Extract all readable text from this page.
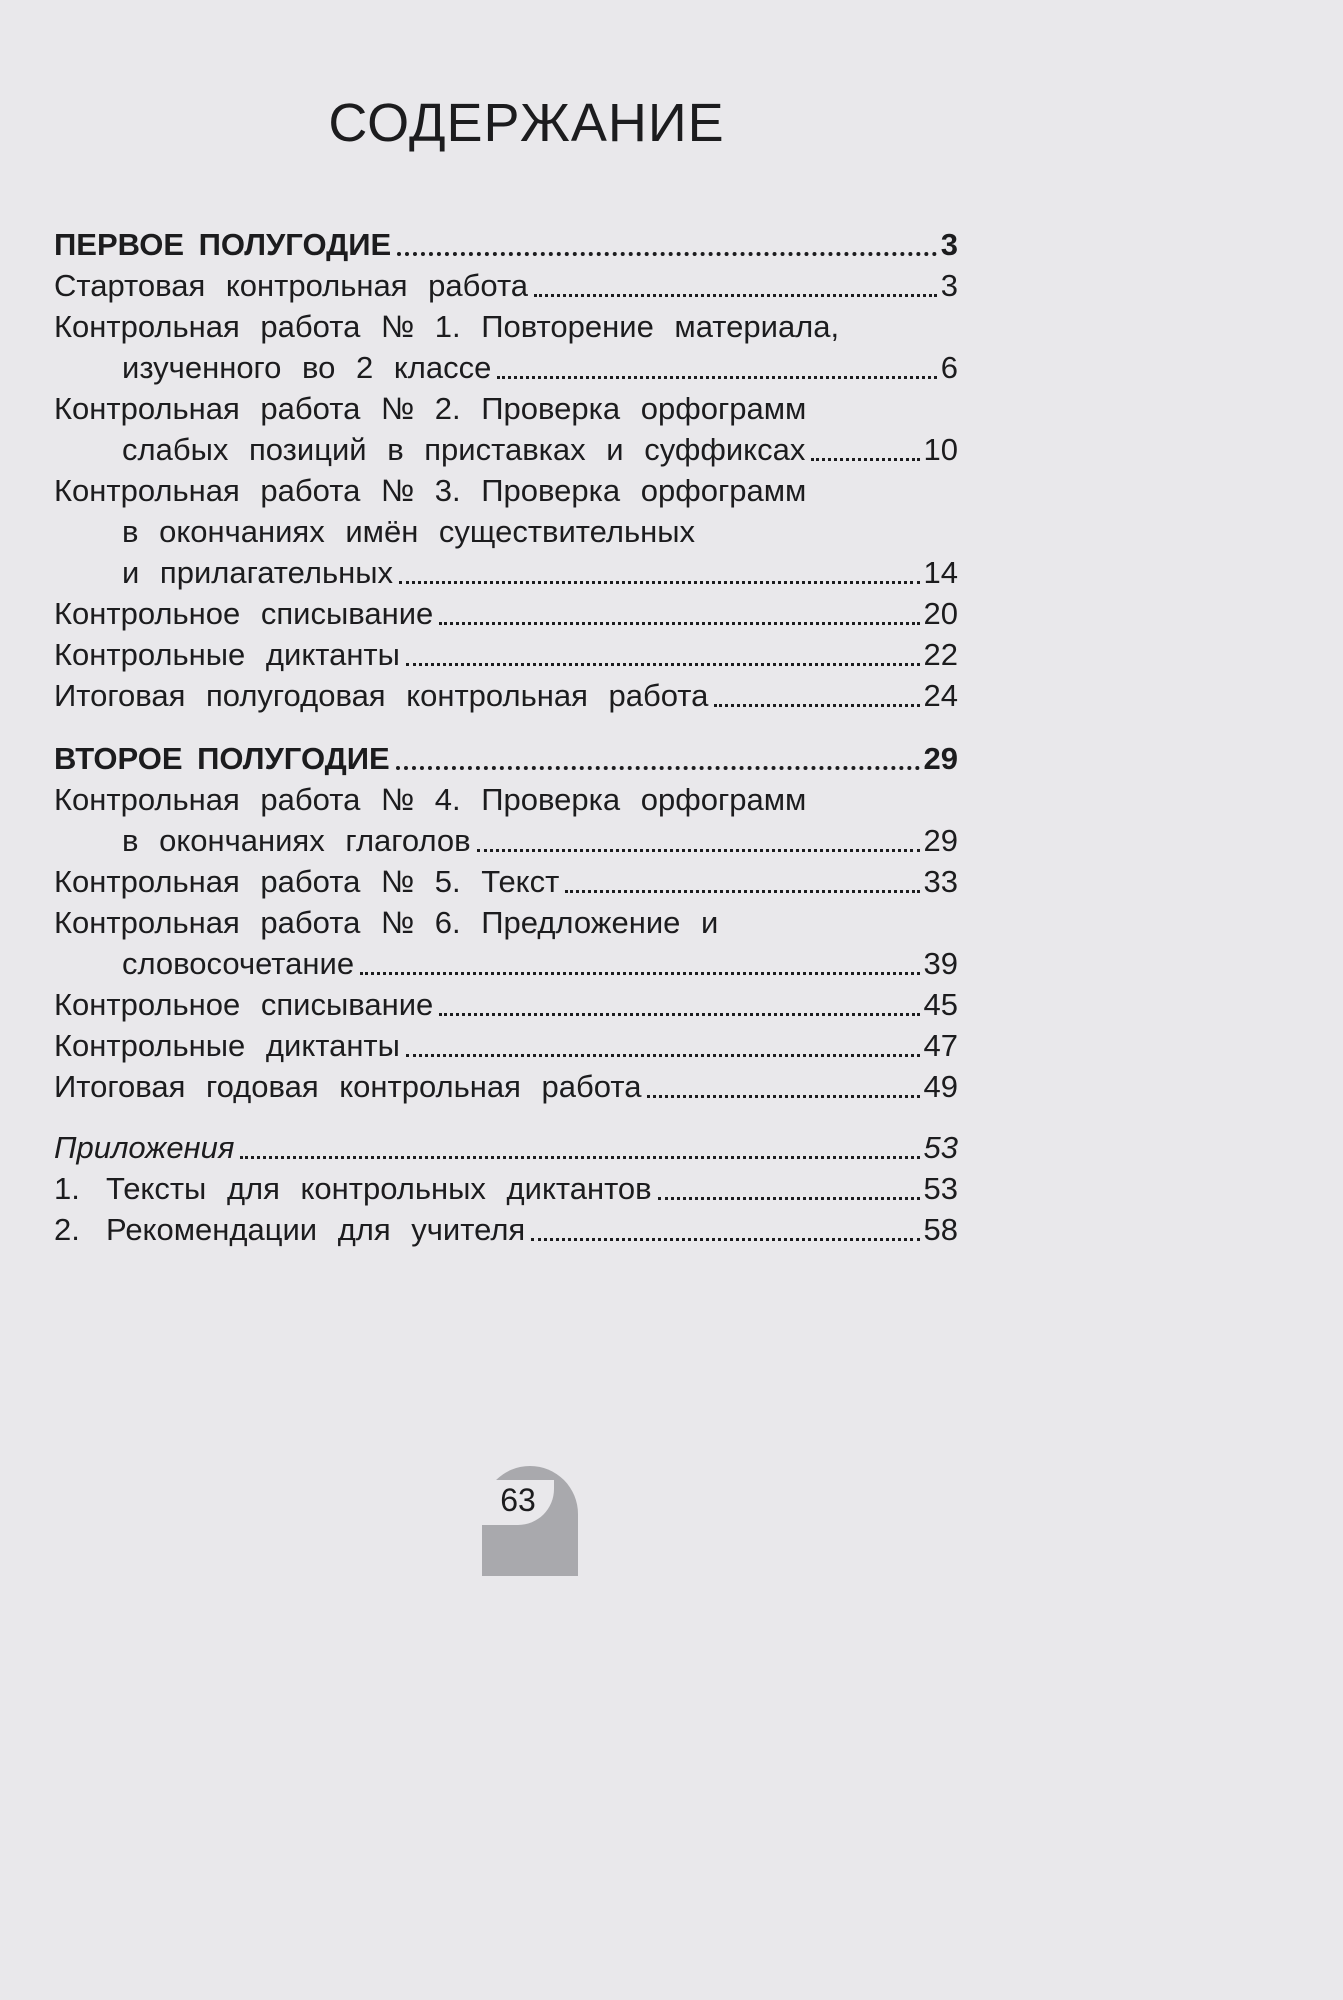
СОДЕРЖАНИЕ
ПЕРВОЕ ПОЛУГОДИЕ	3
Стартовая контрольная работа	3
Контрольная работа № 1. Повторение материала,
изученного во 2 классе	6
Контрольная работа № 2. Проверка орфограмм
слабых позиций в приставках и суффиксах	10
Контрольная работа № 3. Проверка орфограмм
в окончаниях имён существительных
и прилагательных	14
Контрольное списывание	20
Контрольные диктанты	22
Итоговая полугодовая контрольная работа	24
ВТОРОЕ ПОЛУГОДИЕ	29
Контрольная работа № 4. Проверка орфограмм
в окончаниях глаголов	29
Контрольная работа № 5. Текст	33
Контрольная работа № 6. Предложение и
словосочетание	39
Контрольное списывание	45
Контрольные диктанты	47
Итоговая годовая контрольная работа	49
Приложения	53
1. Тексты для контрольных диктантов	53
2. Рекомендации для учителя	58
63
